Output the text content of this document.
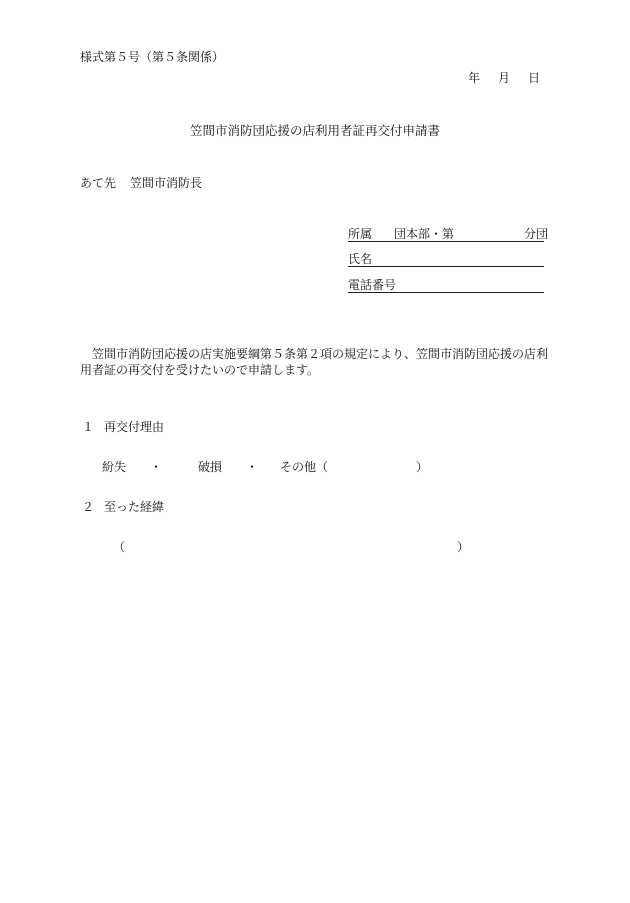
様式第５号（第５条関係）
年 月 日
笠間市消防団応援の店利用者証再交付申請書
あて先 笠間市消防長
所属 団本部・第	分団
氏名
電話番号
笠間市消防団応援の店実施要綱第５条第２項の規定により、笠間市消防団応援の店利用者証の再交付を受けたいので申請します。
１ 再交付理由
紛失 ・	破損 ・ その他（	）
２ 至った経緯
（	）
